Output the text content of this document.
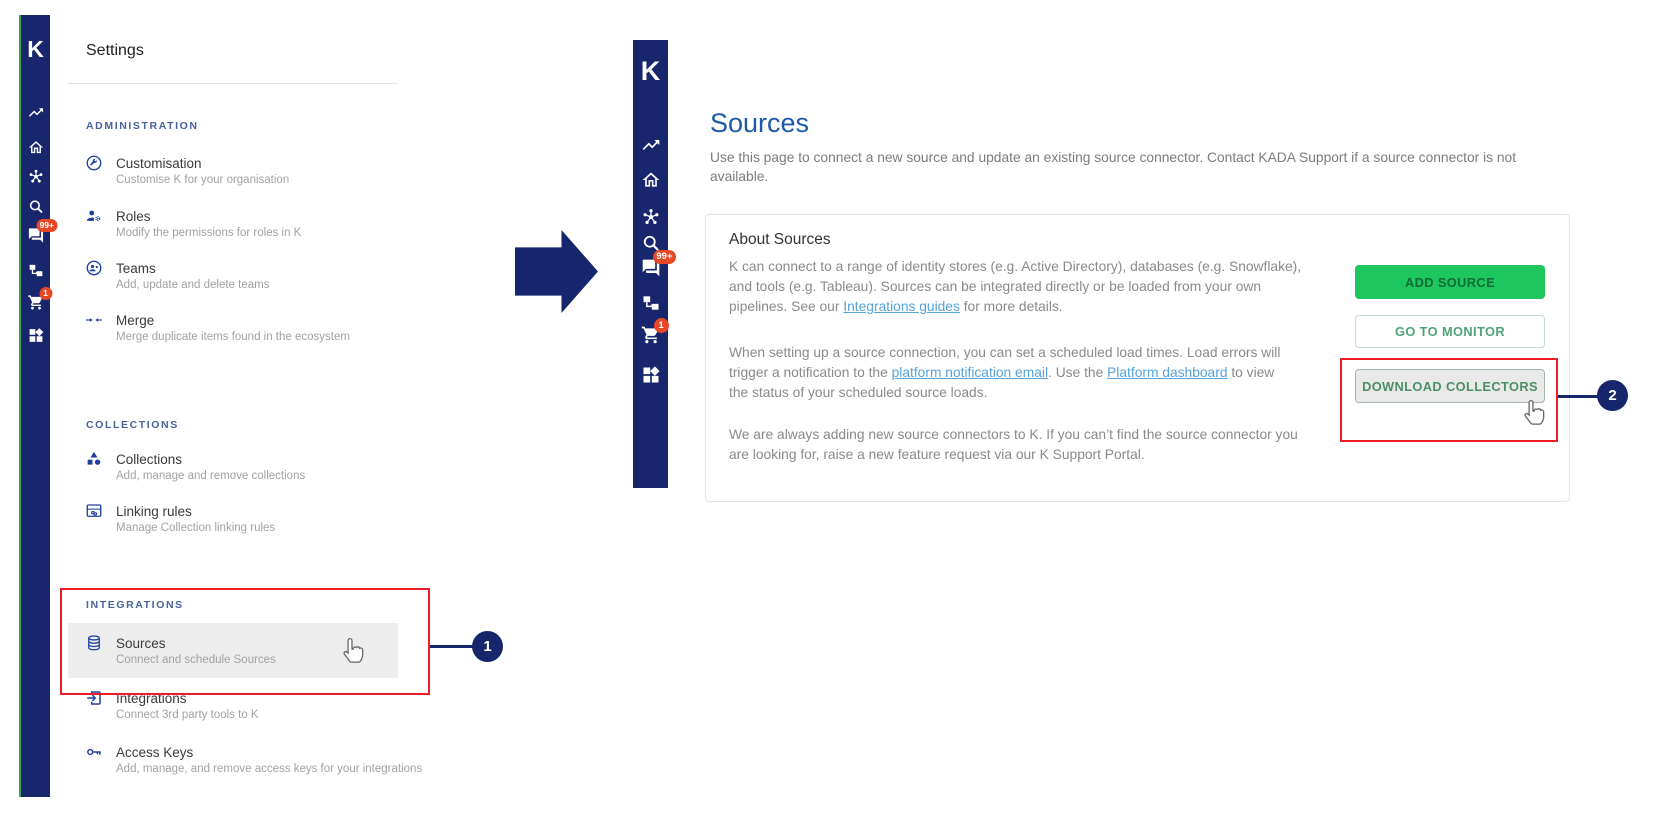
K
99+
1
Settings
ADMINISTRATION
Customisation
Customise K for your organisation
Roles
Modify the permissions for roles in K
Teams
Add, update and delete teams
Merge
Merge duplicate items found in the ecosystem
COLLECTIONS
Collections
Add, manage and remove collections
Linking rules
Manage Collection linking rules
INTEGRATIONS
Sources
Connect and schedule Sources
Integrations
Connect 3rd party tools to K
Access Keys
Add, manage, and remove access keys for your integrations
K
99+
1
Sources
Use this page to connect a new source and update an existing source connector. Contact KADA Support if a source connector is not
available.
About Sources
K can connect to a range of identity stores (e.g. Active Directory), databases (e.g. Snowflake),
and tools (e.g. Tableau). Sources can be integrated directly or be loaded from your own
pipelines. See our Integrations guides for more details.
When setting up a source connection, you can set a scheduled load times. Load errors will
trigger a notification to the platform notification email. Use the Platform dashboard to view
the status of your scheduled source loads.
We are always adding new source connectors to K. If you can’t find the source connector you
are looking for, raise a new feature request via our K Support Portal.
ADD SOURCE
GO TO MONITOR
DOWNLOAD COLLECTORS
1
2
